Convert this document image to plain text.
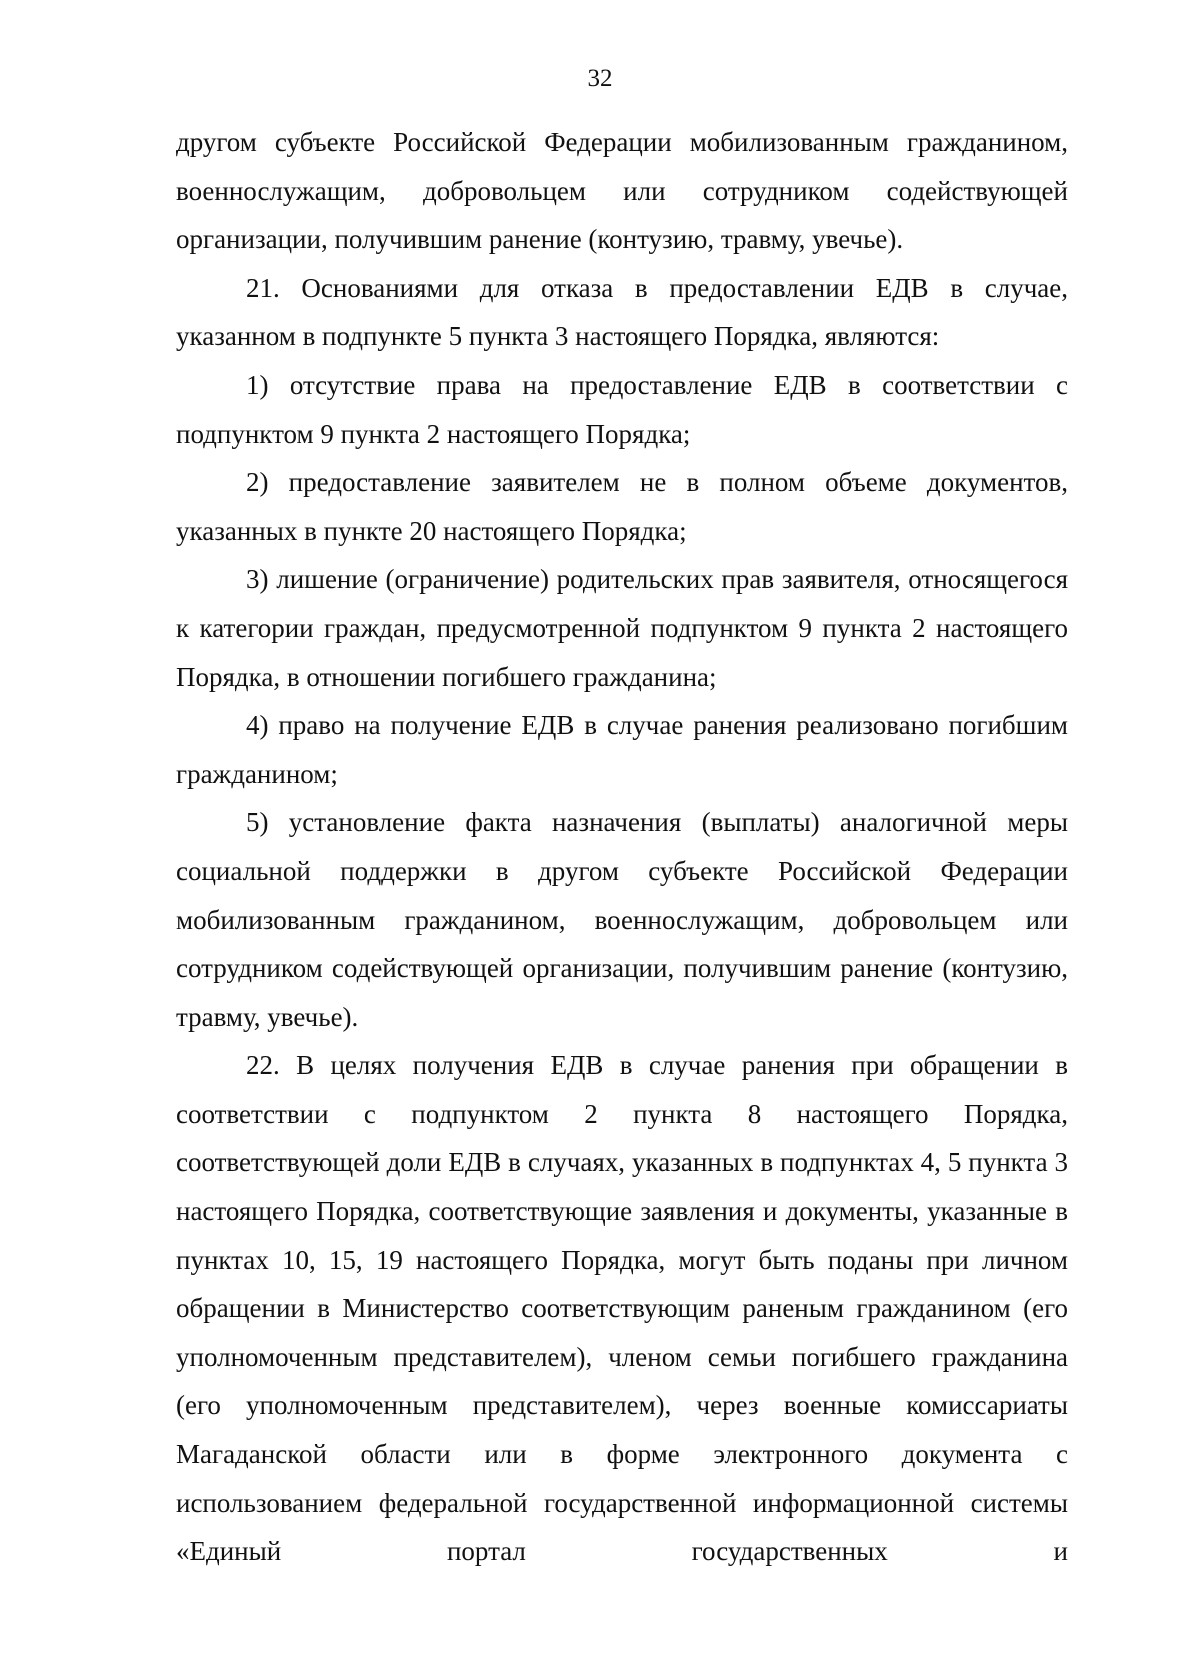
32

другом субъекте Российской Федерации мобилизованным гражданином, военнослужащим, добровольцем или сотрудником содействующей организации, получившим ранение (контузию, травму, увечье).

21. Основаниями для отказа в предоставлении ЕДВ в случае, указанном в подпункте 5 пункта 3 настоящего Порядка, являются:

1) отсутствие права на предоставление ЕДВ в соответствии с подпунктом 9 пункта 2 настоящего Порядка;

2) предоставление заявителем не в полном объеме документов, указанных в пункте 20 настоящего Порядка;

3) лишение (ограничение) родительских прав заявителя, относящегося к категории граждан, предусмотренной подпунктом 9 пункта 2 настоящего Порядка, в отношении погибшего гражданина;

4) право на получение ЕДВ в случае ранения реализовано погибшим гражданином;

5) установление факта назначения (выплаты) аналогичной меры социальной поддержки в другом субъекте Российской Федерации мобилизованным гражданином, военнослужащим, добровольцем или сотрудником содействующей организации, получившим ранение (контузию, травму, увечье).

22. В целях получения ЕДВ в случае ранения при обращении в соответствии с подпунктом 2 пункта 8 настоящего Порядка, соответствующей доли ЕДВ в случаях, указанных в подпунктах 4, 5 пункта 3 настоящего Порядка, соответствующие заявления и документы, указанные в пунктах 10, 15, 19 настоящего Порядка, могут быть поданы при личном обращении в Министерство соответствующим раненым гражданином (его уполномоченным представителем), членом семьи погибшего гражданина (его уполномоченным представителем), через военные комиссариаты Магаданской области или в форме электронного документа с использованием федеральной государственной информационной системы «Единый портал государственных и
